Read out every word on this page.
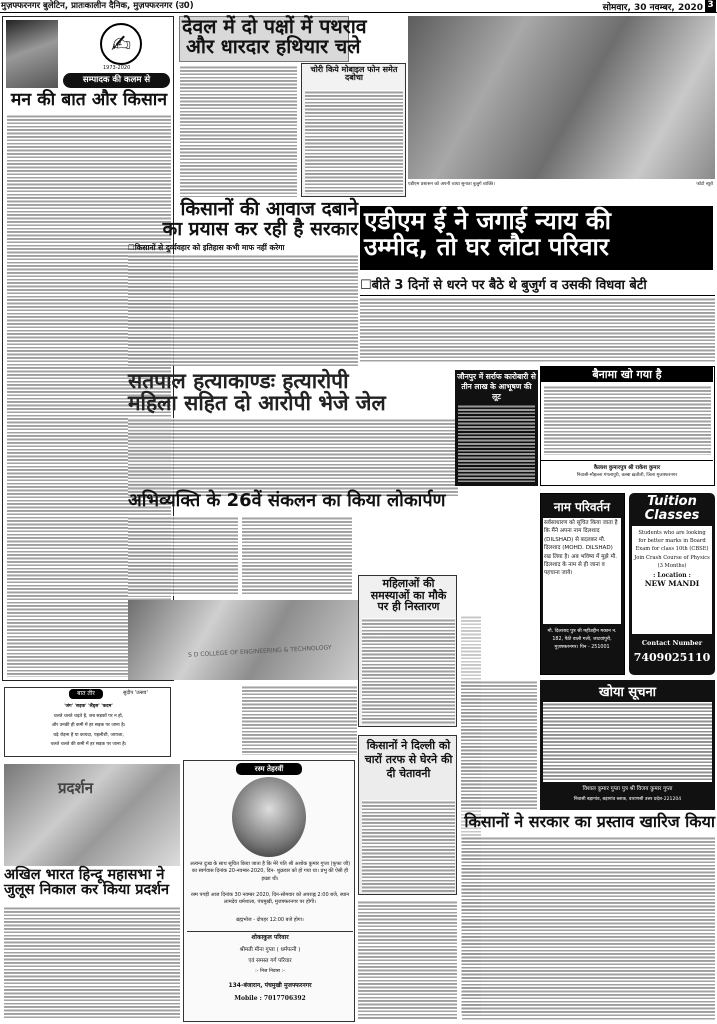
मुज़फ्फरनगर बुलेटिन, प्रातःकालीन दैनिक, मुज़फ्फरनगर (उ0)	सोमवार, 30 नवम्बर, 2020 3
✍
1973-2020
सम्पादक की कलम से
मन की बात और किसान
बात तीर	सुदीप 'उत्सव'
'जंग' 'सड़क' 'लैंड्स' 'कदम'
चलते चलते चढ़ते है, जब सड़कों पर न हो,
और उनकी ही कमी में हर सड़क पर जाना है।
चढ़े रोड़ना है या कायदा, पहलीशी, जायजा,
चलते चलते की कमी में हर सड़क पर जाना है।
प्रदर्शन
अखिल भारत हिन्दू महासभा ने
जुलूस निकाल कर किया प्रदर्शन
देवल में दो पक्षों में पथराव
और धारदार हथियार चले
चोरी किये मोबाइल फोन समेत दबोचा
एडीएम प्रशासन को अपनी व्यथा सुनाता बुजुर्ग व्यक्ति।	फोटो ब्यूरो
किसानों की आवाज दबाने
का प्रयास कर रही है सरकार
☐किसानों से दुर्व्यवहार को इतिहास कभी माफ नहीं करेगा
एडीएम ई ने जगाई न्याय की
उम्मीद, तो घर लौटा परिवार
☐बीते 3 दिनों से धरने पर बैठे थे बुजुर्ग व उसकी विधवा बेटी
सतपाल हत्याकाण्डः हत्यारोपी
महिला सहित दो आरोपी भेजे जेल
जौनपुर में सर्राफ कारोबारी से तीन लाख के आभूषण की लूट
बैनामा खो गया है
कैलाश कुमारपुत्र श्री राकेश कुमार
निवासी-मौहल्ला गंगलापुरी, कस्बा ख़तौली, जिला मुजफ्फरनगर
अभिव्यक्ति के 26वें संकलन का किया लोकार्पण
S D COLLEGE OF ENGINEERING & TECHNOLOGY
महिलाओं की
समस्याओं का मौके
पर ही निस्तारण
किसानों ने दिल्ली को चारों तरफ से घेरने की दी चेतावनी
नाम परिवर्तन
सर्वसाधारण को सूचित किया जाता है कि मैंने अपना नाम दिलशाद (DILSHAD) से बदलकर मौ. दिलशाद (MOHD. DILSHAD) रख लिया है। अब भविष्य में मुझे मौ. दिलशाद के नाम से ही जाना व पहचाना जाये।
मौ. दिलशाद पुत्र श्री महीउद्दीन मकान न. 182, पैठी वाली गली, जाटवांपुरी, मुज़फ्फरनगर। पिन - 251001
Tuition
Classes
Students who are looking for better marks in Board Exam for class 10th (CBSE) Join Crash Course of Physics (3 Months)
: Location :
NEW MANDI
Contact Number
7409025110
खोया सूचना
विशाल कुमार गुप्ता पुत्र श्री विजय कुमार गुप्ता
निवासी बड़ागांव, बड़ागांव ब्लाक, वाराणसी उत्तर प्रदेश-221204
किसानों ने सरकार का प्रस्ताव खारिज किया
रस्म तेहरवीं
अत्यन्त दुःख के साथ सूचित किया जाता है कि मेरे पति श्री अशोक कुमार गुप्ता (फूफा जी) का स्वर्गवास दिनांक 20-नवम्बर-2020, दिन- शुक्रवार को हो गया था। प्रभु की ऐसी ही इच्छा थी।
रस्म पगड़ी आज दिनांक 30 नवम्बर 2020, दिन-सोमवार को अपराह्न 2:00 बजे, स्थान लामदेव धर्मशाला, पंचमुखी, मुजफ्फरनगर पर होगी।
ब्रह्मभोज - दोपहर 12:00 बजे होगा।
शोकाकुल परिवार
श्रीमती मीना गुप्ता ( धर्मपत्नी )
एवं समस्त गर्ग परिवार
:- निज निवास :-
134-बंजारान, पंचमुखी मुजफ्फरनगर
Mobile : 7017706392
